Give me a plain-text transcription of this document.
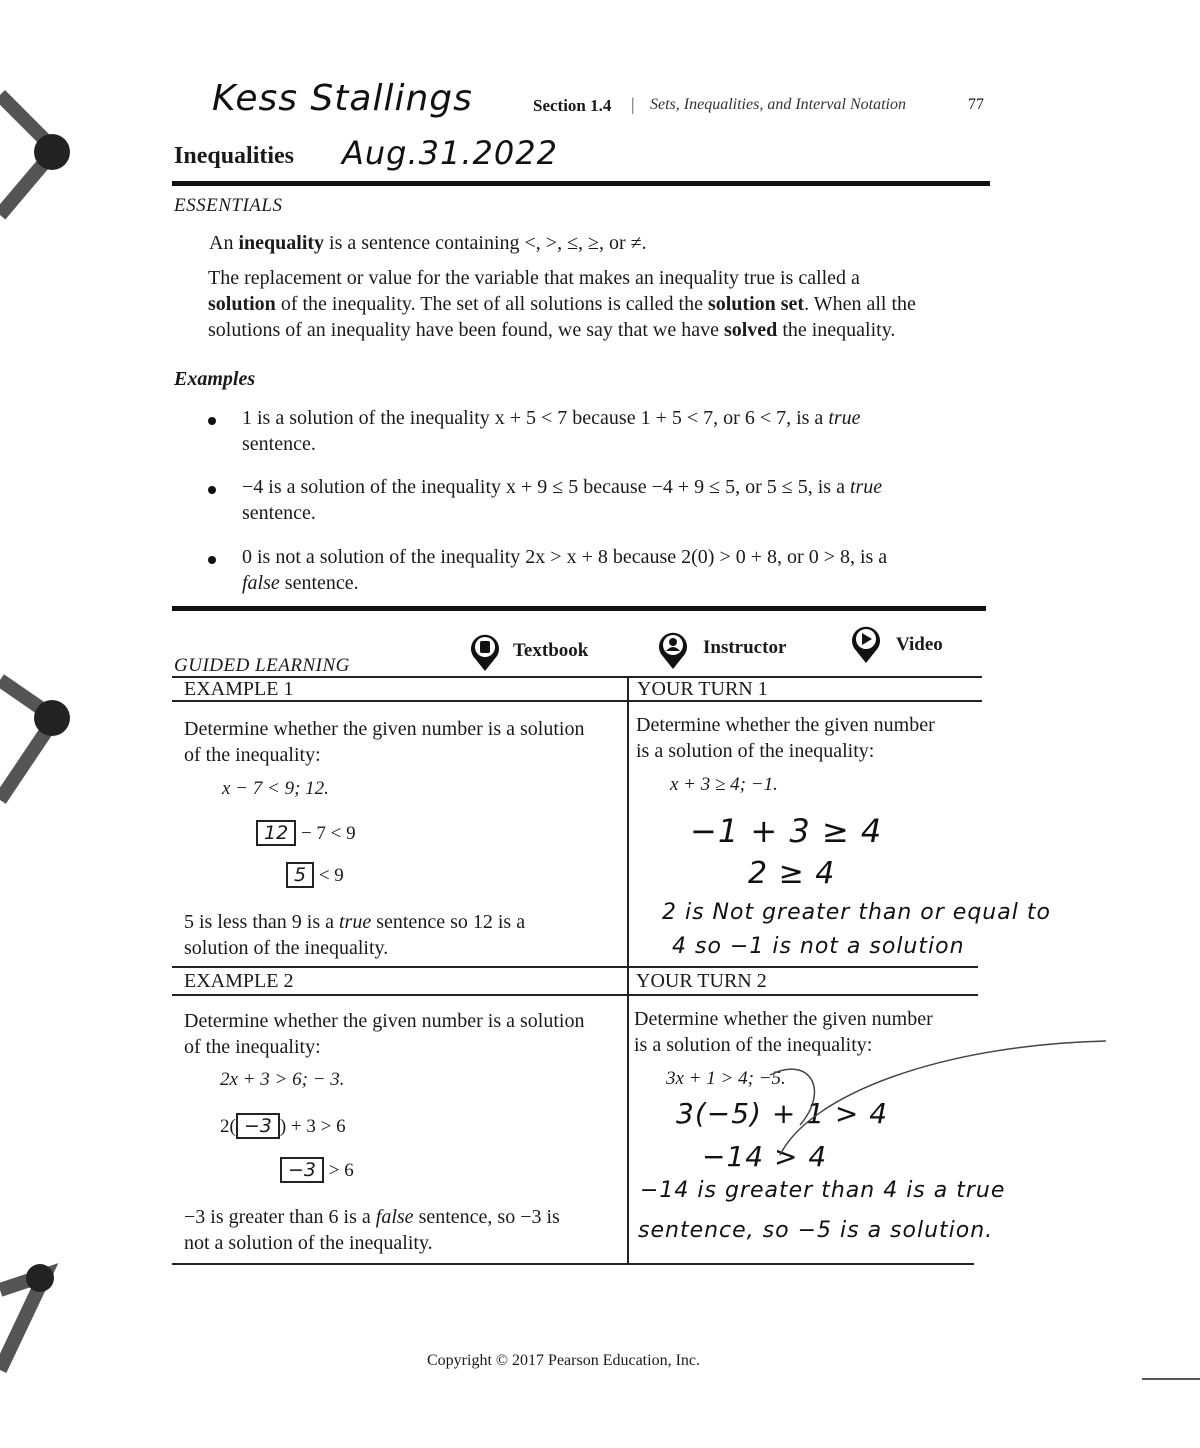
Kess Stallings	Section 1.4 | Sets, Inequalities, and Interval Notation	77
Inequalities Aug.31.2022
ESSENTIALS
An inequality is a sentence containing <, >, ≤, ≥, or ≠.
The replacement or value for the variable that makes an inequality true is called a
solution of the inequality. The set of all solutions is called the solution set. When all the
solutions of an inequality have been found, we say that we have solved the inequality.
Examples
1 is a solution of the inequality x + 5 < 7 because 1 + 5 < 7, or 6 < 7, is a true
sentence.
−4 is a solution of the inequality x + 9 ≤ 5 because −4 + 9 ≤ 5, or 5 ≤ 5, is a true
sentence.
0 is not a solution of the inequality 2x > x + 8 because 2(0) > 0 + 8, or 0 > 8, is a
false sentence.
GUIDED LEARNING
Textbook	Instructor	Video
EXAMPLE 1
Determine whether the given number is a solution
of the inequality:
x − 7 < 9; 12.
12 − 7 < 9
5 < 9
5 is less than 9 is a true sentence so 12 is a
solution of the inequality.
YOUR TURN 1
Determine whether the given number
is a solution of the inequality:
x + 3 ≥ 4; −1.
−1 + 3 ≥ 4
2 ≥ 4
2 is Not greater than or equal to
4 so −1 is not a solution
EXAMPLE 2
Determine whether the given number is a solution
of the inequality:
2x + 3 > 6; − 3.
2( −3 ) + 3 > 6
−3 > 6
−3 is greater than 6 is a false sentence, so −3 is
not a solution of the inequality.
YOUR TURN 2
Determine whether the given number
is a solution of the inequality:
3x + 1 > 4; −5.
3(−5) + 1 > 4
−14 > 4
−14 is greater than 4 is a true
sentence, so −5 is a solution.
Copyright © 2017 Pearson Education, Inc.
